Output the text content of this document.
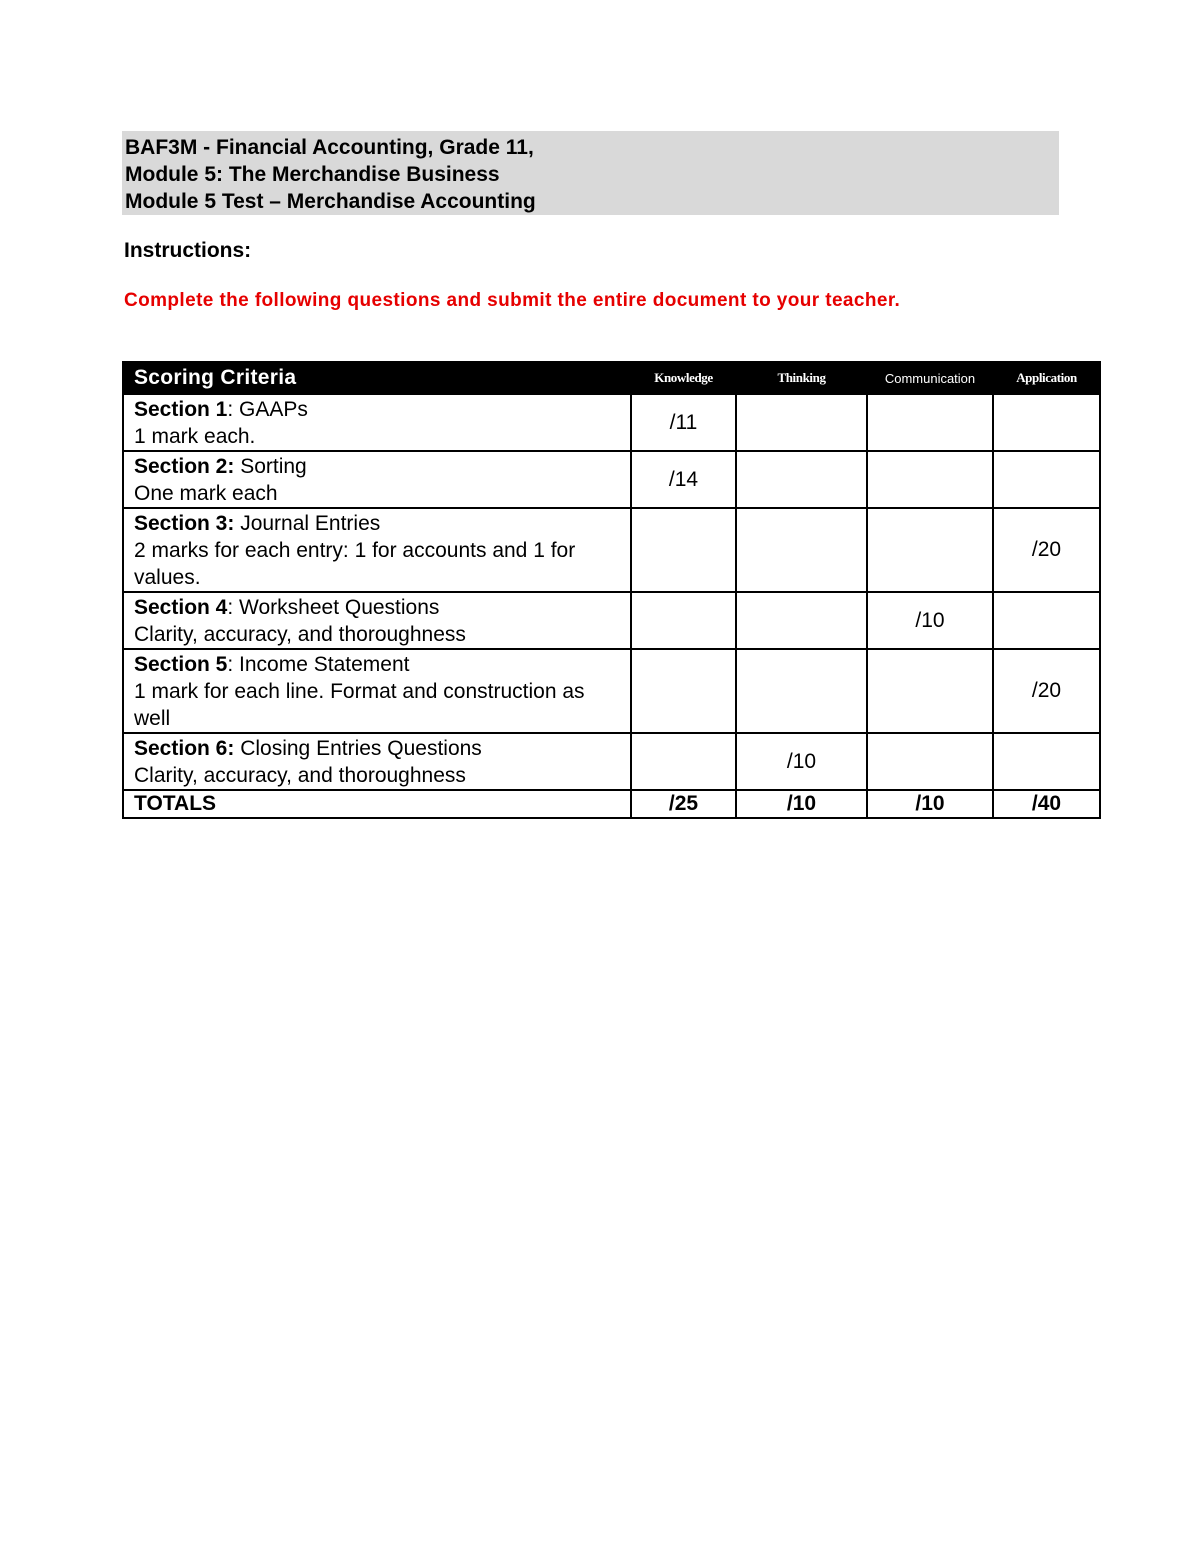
BAF3M - Financial Accounting, Grade 11,
Module 5: The Merchandise Business
Module 5 Test – Merchandise Accounting
Instructions:
Complete the following questions and submit the entire document to your teacher.
Scoring Criteria	Knowledge	Thinking	Communication	Application
Section 1: GAAPs
1 mark each.	/11			
Section 2: Sorting
One mark each	/14			
Section 3: Journal Entries
2 marks for each entry: 1 for accounts and 1 for values.				/20
Section 4: Worksheet Questions
Clarity, accuracy, and thoroughness			/10	
Section 5: Income Statement
1 mark for each line. Format and construction as well				/20
Section 6: Closing Entries Questions
Clarity, accuracy, and thoroughness		/10		
TOTALS	/25	/10	/10	/40
